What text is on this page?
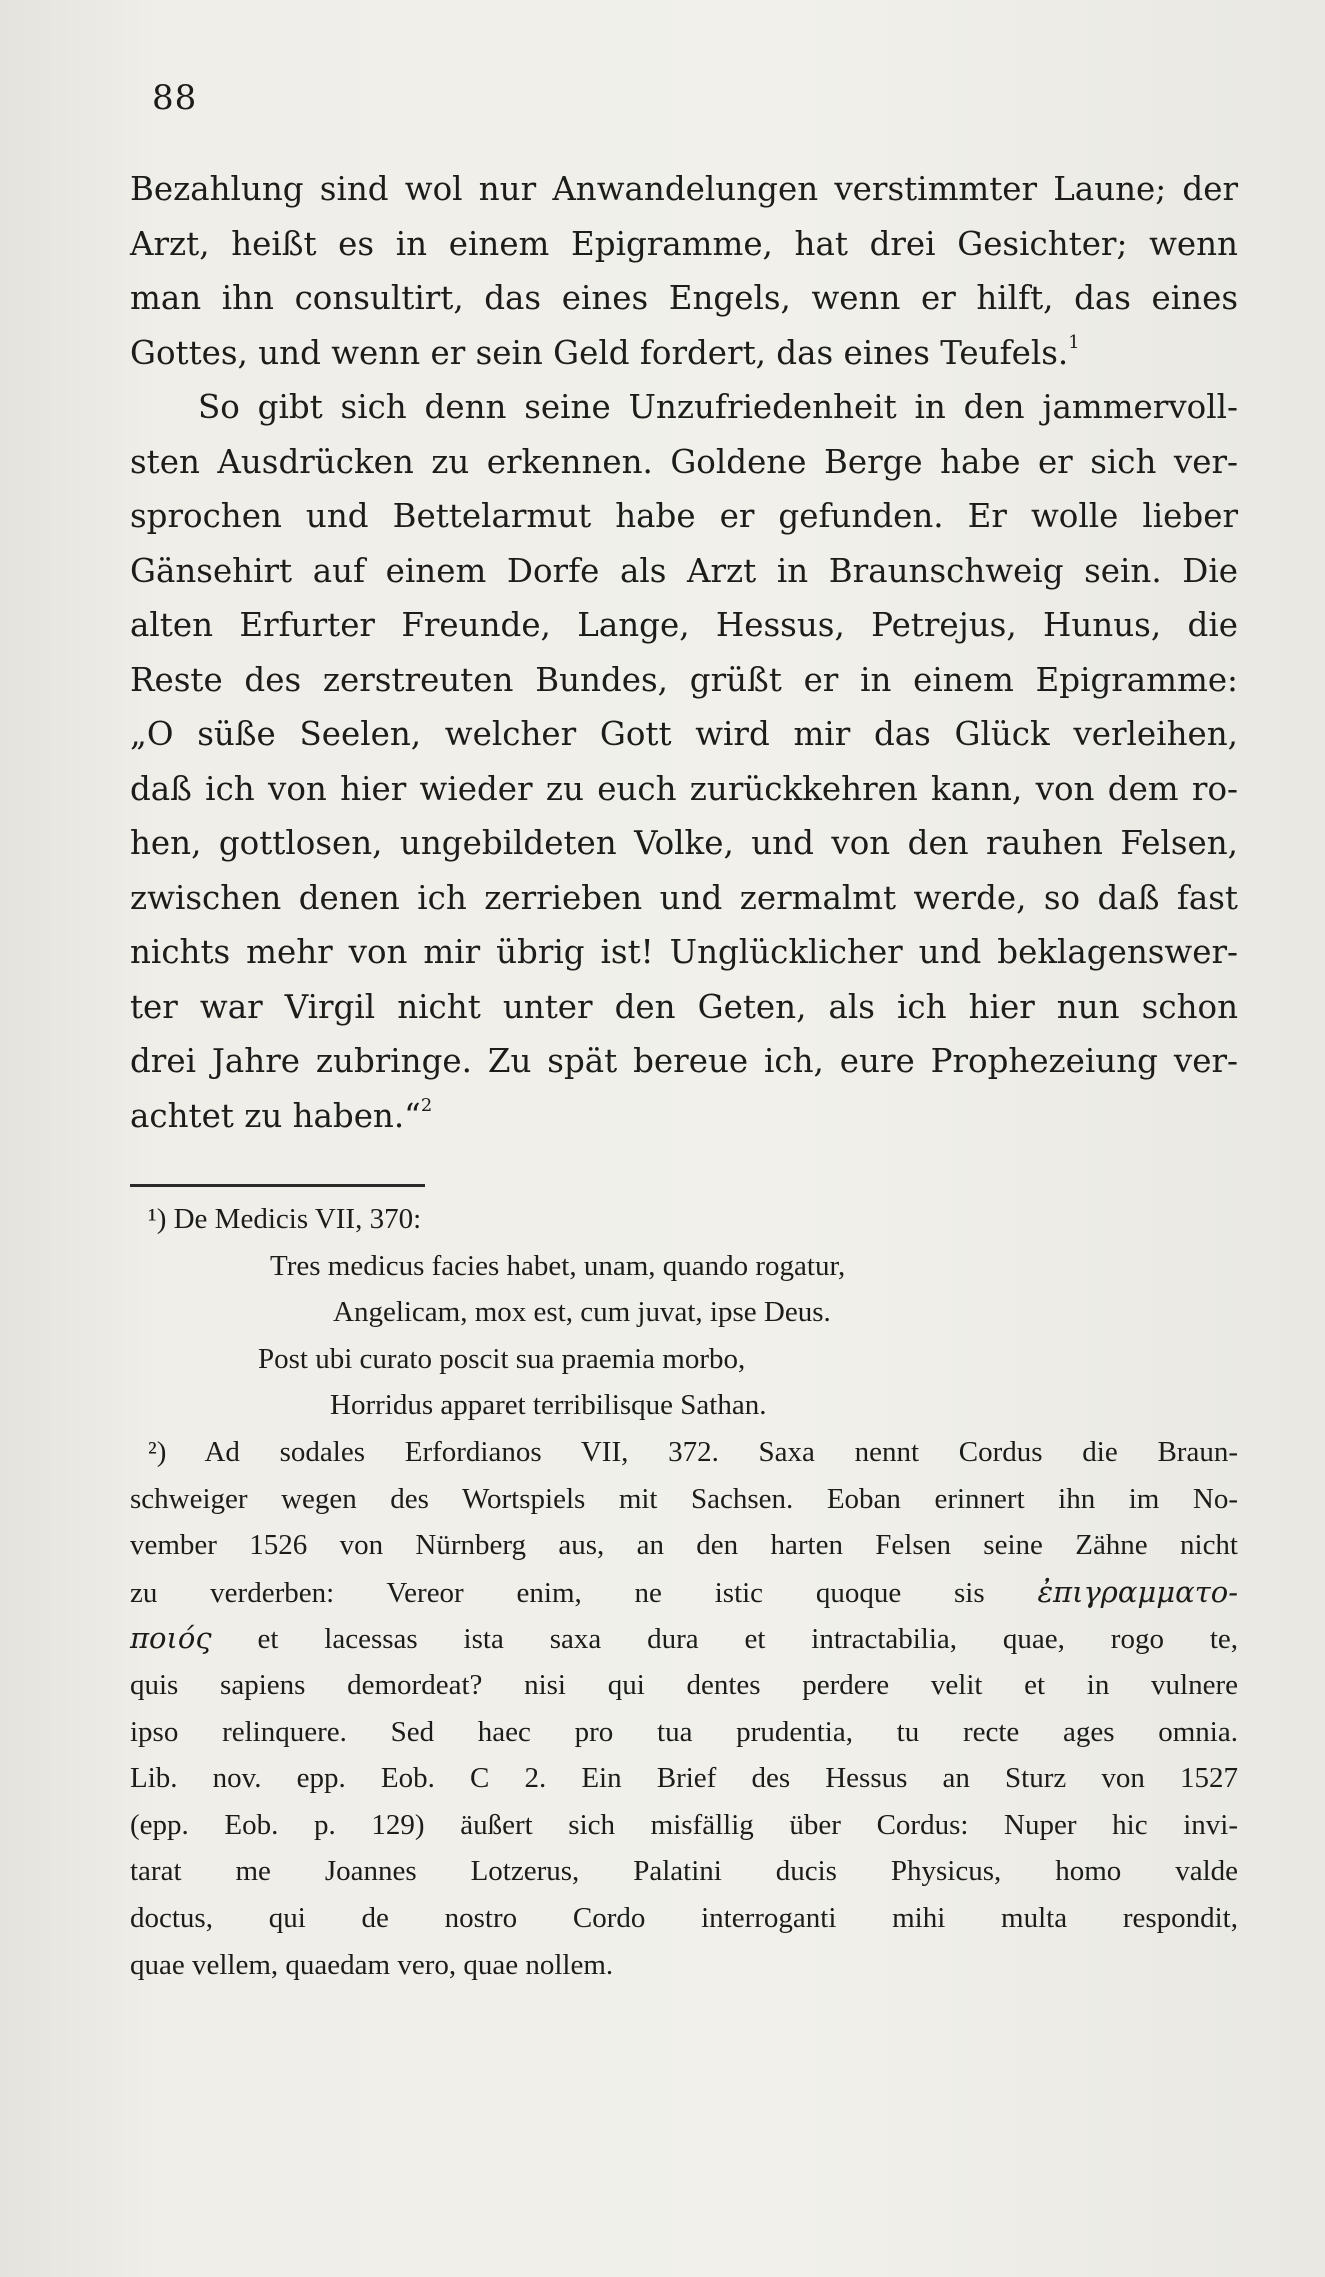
88
Bezahlung sind wol nur Anwandelungen verstimmter Laune; der
Arzt, heißt es in einem Epigramme, hat drei Gesichter; wenn
man ihn consultirt, das eines Engels, wenn er hilft, das eines
Gottes, und wenn er sein Geld fordert, das eines Teufels.$^1$
So gibt sich denn seine Unzufriedenheit in den jammervoll-
sten Ausdrücken zu erkennen. Goldene Berge habe er sich ver-
sprochen und Bettelarmut habe er gefunden. Er wolle lieber
Gänsehirt auf einem Dorfe als Arzt in Braunschweig sein. Die
alten Erfurter Freunde, Lange, Hessus, Petrejus, Hunus, die
Reste des zerstreuten Bundes, grüßt er in einem Epigramme:
„O süße Seelen, welcher Gott wird mir das Glück verleihen,
daß ich von hier wieder zu euch zurückkehren kann, von dem ro-
hen, gottlosen, ungebildeten Volke, und von den rauhen Felsen,
zwischen denen ich zerrieben und zermalmt werde, so daß fast
nichts mehr von mir übrig ist! Unglücklicher und beklagenswer-
ter war Virgil nicht unter den Geten, als ich hier nun schon
drei Jahre zubringe. Zu spät bereue ich, eure Prophezeiung ver-
achtet zu haben.“$^2$
¹) De Medicis VII, 370:
Tres medicus facies habet, unam, quando rogatur,
Angelicam, mox est, cum juvat, ipse Deus.
Post ubi curato poscit sua praemia morbo,
Horridus apparet terribilisque Sathan.
²) Ad sodales Erfordianos VII, 372. Saxa nennt Cordus die Braun-
schweiger wegen des Wortspiels mit Sachsen. Eoban erinnert ihn im No-
vember 1526 von Nürnberg aus, an den harten Felsen seine Zähne nicht
zu verderben: Vereor enim, ne istic quoque sis ἐπιγραμματο-
ποιός et lacessas ista saxa dura et intractabilia, quae, rogo te,
quis sapiens demordeat? nisi qui dentes perdere velit et in vulnere
ipso relinquere. Sed haec pro tua prudentia, tu recte ages omnia.
Lib. nov. epp. Eob. C 2. Ein Brief des Hessus an Sturz von 1527
(epp. Eob. p. 129) äußert sich misfällig über Cordus: Nuper hic invi-
tarat me Joannes Lotzerus, Palatini ducis Physicus, homo valde
doctus, qui de nostro Cordo interroganti mihi multa respondit,
quae vellem, quaedam vero, quae nollem.
